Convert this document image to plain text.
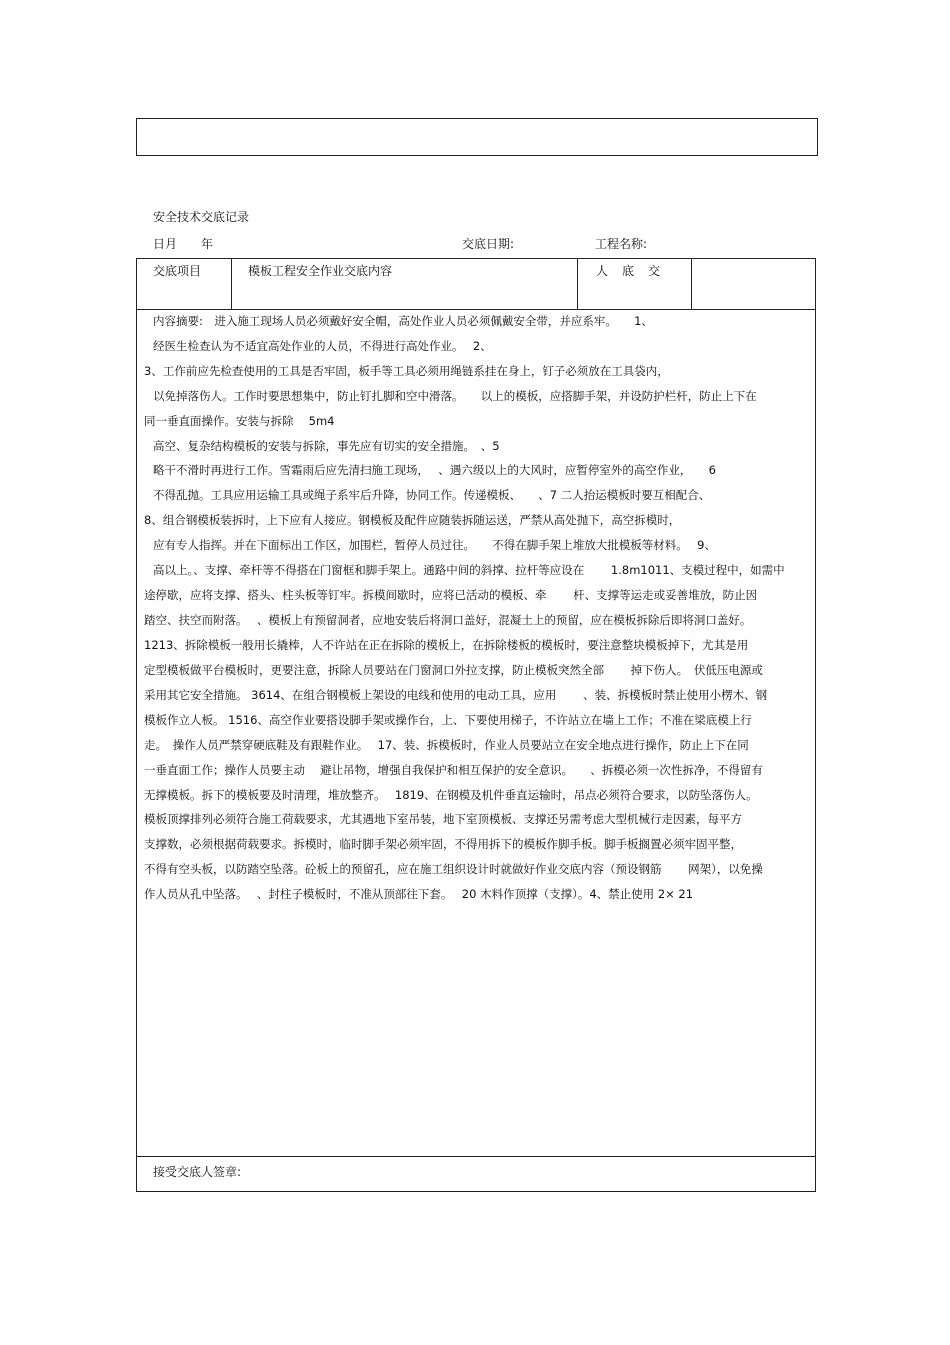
安全技术交底记录
日月　　年	交底日期:	工程名称:
交底项目	模板工程安全作业交底内容	人底交
内容摘要:　进入施工现场人员必须戴好安全帽，高处作业人员必须佩戴安全带，并应系牢。　　1、
经医生检查认为不适宜高处作业的人员，不得进行高处作业。　 2、
3、工作前应先检查使用的工具是否牢固，板手等工具必须用绳链系挂在身上，钉子必须放在工具袋内，
以免掉落伤人。工作时要思想集中，防止钉扎脚和空中滑落。　　以上的模板，应搭脚手架，并设防护栏杆，防止上下在
同一垂直面操作。安装与拆除　 5m4
高空、复杂结构模板的安装与拆除，事先应有切实的安全措施。　、5
略干不滑时再进行工作。雪霜雨后应先清扫施工现场，　 、遇六级以上的大风时，应暂停室外的高空作业，　　6
不得乱抛。工具应用运输工具或绳子系牢后升降，协同工作。传递模板、　　、7 二人抬运模板时要互相配合、
8、组合钢模板装拆时，上下应有人接应。钢模板及配件应随装拆随运送，严禁从高处抛下，高空拆模时，
应有专人指挥。并在下面标出工作区，加围栏，暂停人员过往。　　不得在脚手架上堆放大批模板等材料。　 9、
高以上。、支撑、牵杆等不得搭在门窗框和脚手架上。通路中间的斜撑、拉杆等应设在　　 1.8m1011、支模过程中，如需中
途停歇，应将支撑、搭头、柱头板等钉牢。拆模间歇时，应将已活动的模板、牵　　 杆、支撑等运走或妥善堆放，防止因
踏空、扶空而附落。　 、模板上有预留洞者，应地安装后将洞口盖好，混凝土上的预留，应在模板拆除后即将洞口盖好。
1213、拆除模板一般用长撬棒，人不许站在正在拆除的模板上，在拆除楼板的模板时，要注意整块模板掉下，尤其是用
定型模板做平台模板时，更要注意，拆除人员要站在门窗洞口外拉支撑，防止模板突然全部　　 掉下伤人。　伏低压电源或
采用其它安全措施。 3614、在组合钢模板上架设的电线和使用的电动工具，应用　　 、装、拆模板时禁止使用小楞木、钢
模板作立人板。 1516、高空作业要搭设脚手架或操作台，上、下要使用梯子，不许站立在墙上工作；不准在梁底模上行
走。　操作人员严禁穿硬底鞋及有跟鞋作业。　 17、装、拆模板时，作业人员要站立在安全地点进行操作，防止上下在同
一垂直面工作；操作人员要主动　 避让吊物，增强自我保护和相互保护的安全意识。　　、拆模必须一次性拆净，不得留有
无撑模板。拆下的模板要及时清理，堆放整齐。　 1819、在钢模及机件垂直运输时，吊点必须符合要求，以防坠落伤人。
模板顶撑排列必须符合施工荷载要求，尤其遇地下室吊装，地下室顶模板、支撑还另需考虑大型机械行走因素，每平方
支撑数，必须根据荷载要求。拆模时，临时脚手架必须牢固，不得用拆下的模板作脚手板。脚手板搁置必须牢固平整，
不得有空头板，以防踏空坠落。砼板上的预留孔，应在施工组织设计时就做好作业交底内容（预设钢筋　　 网架），以免操
作人员从孔中坠落。　 、封柱子模板时，不准从顶部往下套。　 20 木料作顶撑（支撑）。4、禁止使用 2× 21
接受交底人签章:
